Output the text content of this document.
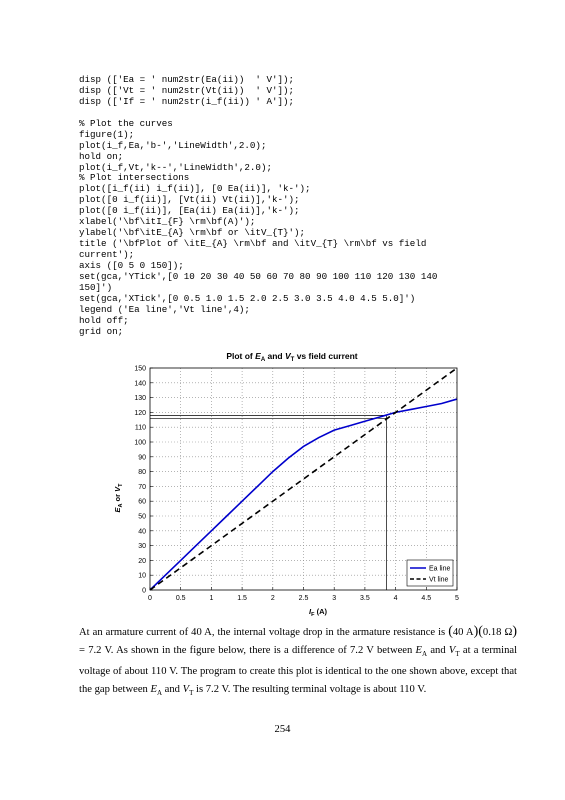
disp (['Ea = ' num2str(Ea(ii))  ' V']);
disp (['Vt = ' num2str(Vt(ii))  ' V']);
disp (['If = ' num2str(i_f(ii)) ' A']);

% Plot the curves
figure(1);
plot(i_f,Ea,'b-','LineWidth',2.0);
hold on;
plot(i_f,Vt,'k--','LineWidth',2.0);
% Plot intersections
plot([i_f(ii) i_f(ii)], [0 Ea(ii)], 'k-');
plot([0 i_f(ii)], [Vt(ii) Vt(ii)],'k-');
plot([0 i_f(ii)], [Ea(ii) Ea(ii)],'k-');
xlabel('\bf\itI_{F} \rm\bf(A)');
ylabel('\bf\itE_{A} \rm\bf or \itV_{T}');
title ('\bfPlot of \itE_{A} \rm\bf and \itV_{T} \rm\bf vs field
current');
axis ([0 5 0 150]);
set(gca,'YTick',[0 10 20 30 40 50 60 70 80 90 100 110 120 130 140
150]')
set(gca,'XTick',[0 0.5 1.0 1.5 2.0 2.5 3.0 3.5 4.0 4.5 5.0]')
legend ('Ea line','Vt line',4);
hold off;
grid on;
Plot of $E_A$ and $V_T$ vs field current
0	0.5	1	1.5	2	2.5	3	3.5	4	4.5	5
0
10
20
30
40
50
60
70
80
90
100
110
120
130
140
150
$I_F$ (A)
$E_A$ or $V_T$
Ea line
Vt line

At an armature current of 40 A, the internal voltage drop in the armature resistance is (40 A)(0.18 Ω) = 7.2 V. As shown in the figure below, there is a difference of 7.2 V between $E_A$ and $V_T$ at a terminal voltage of about 110 V. The program to create this plot is identical to the one shown above, except that the gap between $E_A$ and $V_T$ is 7.2 V. The resulting terminal voltage is about 110 V.

254
